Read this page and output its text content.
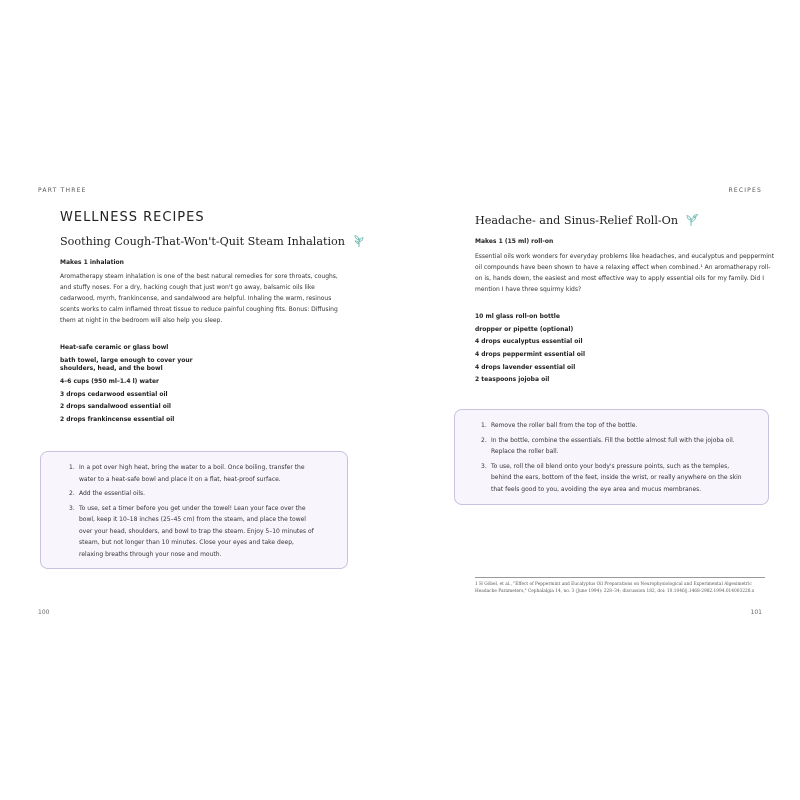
PART THREE
WELLNESS RECIPES
Soothing Cough-That-Won't-Quit Steam Inhalation
Makes 1 inhalation
Aromatherapy steam inhalation is one of the best natural remedies for sore throats, coughs, and stuffy noses. For a dry, hacking cough that just won't go away, balsamic oils like cedarwood, myrrh, frankincense, and sandalwood are helpful. Inhaling the warm, resinous scents works to calm inflamed throat tissue to reduce painful coughing fits. Bonus: Diffusing them at night in the bedroom will also help you sleep.
Heat-safe ceramic or glass bowl
bath towel, large enough to cover your shoulders, head, and the bowl
4–6 cups (950 ml–1.4 l) water
3 drops cedarwood essential oil
2 drops sandalwood essential oil
2 drops frankincense essential oil
1. In a pot over high heat, bring the water to a boil. Once boiling, transfer the water to a heat-safe bowl and place it on a flat, heat-proof surface.
2. Add the essential oils.
3. To use, set a timer before you get under the towel! Lean your face over the bowl, keep it 10–18 inches (25–45 cm) from the steam, and place the towel over your head, shoulders, and bowl to trap the steam. Enjoy 5–10 minutes of steam, but not longer than 10 minutes. Close your eyes and take deep, relaxing breaths through your nose and mouth.
100
RECIPES
Headache- and Sinus-Relief Roll-On
Makes 1 (15 ml) roll-on
Essential oils work wonders for everyday problems like headaches, and eucalyptus and peppermint oil compounds have been shown to have a relaxing effect when combined.¹ An aromatherapy roll-on is, hands down, the easiest and most effective way to apply essential oils for my family. Did I mention I have three squirmy kids?
10 ml glass roll-on bottle
dropper or pipette (optional)
4 drops eucalyptus essential oil
4 drops peppermint essential oil
4 drops lavender essential oil
2 teaspoons jojoba oil
1. Remove the roller ball from the top of the bottle.
2. In the bottle, combine the essentials. Fill the bottle almost full with the jojoba oil. Replace the roller ball.
3. To use, roll the oil blend onto your body's pressure points, such as the temples, behind the ears, bottom of the feet, inside the wrist, or really anywhere on the skin that feels good to you, avoiding the eye area and mucus membranes.
1 H Göbel, et al., "Effect of Peppermint and Eucalyptus Oil Preparations on Neurophysiological and Experimental Algesimetric Headache Parameters," Cephalalgia 14, no. 3 (June 1994): 228–34; discussion 182, doi: 10.1046/j.1468-2982.1994.014003228.x
101
